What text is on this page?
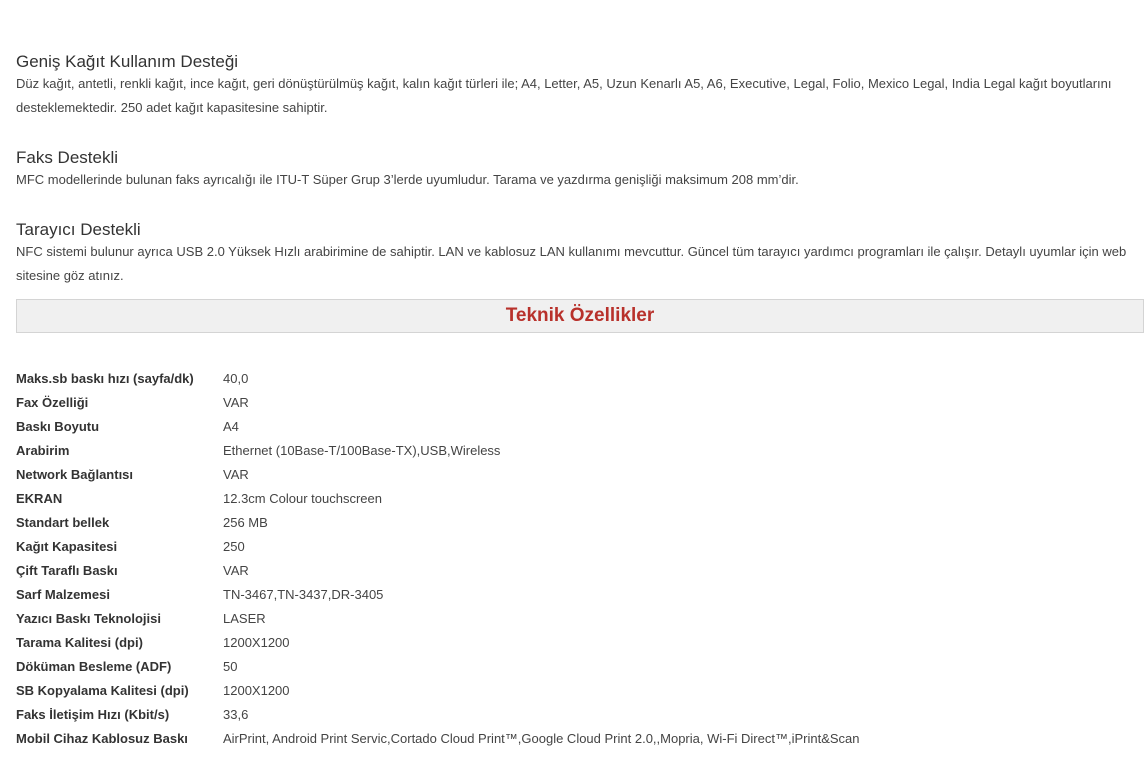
Geniş Kağıt Kullanım Desteği

Düz kağıt, antetli, renkli kağıt, ince kağıt, geri dönüştürülmüş kağıt, kalın kağıt türleri ile; A4, Letter, A5, Uzun Kenarlı A5, A6, Executive, Legal, Folio, Mexico Legal, India Legal kağıt boyutlarını desteklemektedir. 250 adet kağıt kapasitesine sahiptir.

Faks Destekli

MFC modellerinde bulunan faks ayrıcalığı ile ITU-T Süper Grup 3’lerde uyumludur. Tarama ve yazdırma genişliği maksimum 208 mm’dir.

Tarayıcı Destekli

NFC sistemi bulunur ayrıca USB 2.0 Yüksek Hızlı arabirimine de sahiptir. LAN ve kablosuz LAN kullanımı mevcuttur. Güncel tüm tarayıcı yardımcı programları ile çalışır. Detaylı uyumlar için web sitesine göz atınız.

Teknik Özellikler
Maks.sb baskı hızı (sayfa/dk)	40,0
Fax Özelliği	VAR
Baskı Boyutu	A4
Arabirim	Ethernet (10Base-T/100Base-TX),USB,Wireless
Network Bağlantısı	VAR
EKRAN	12.3cm Colour touchscreen
Standart bellek	256 MB
Kağıt Kapasitesi	250
Çift Taraflı Baskı	VAR
Sarf Malzemesi	TN-3467,TN-3437,DR-3405
Yazıcı Baskı Teknolojisi	LASER
Tarama Kalitesi (dpi)	1200X1200
Döküman Besleme (ADF)	50
SB Kopyalama Kalitesi (dpi)	1200X1200
Faks İletişim Hızı (Kbit/s)	33,6
Mobil Cihaz Kablosuz Baskı	AirPrint, Android Print Servic,Cortado Cloud Print™,Google Cloud Print 2.0,,Mopria, Wi-Fi Direct™,iPrint&Scan
